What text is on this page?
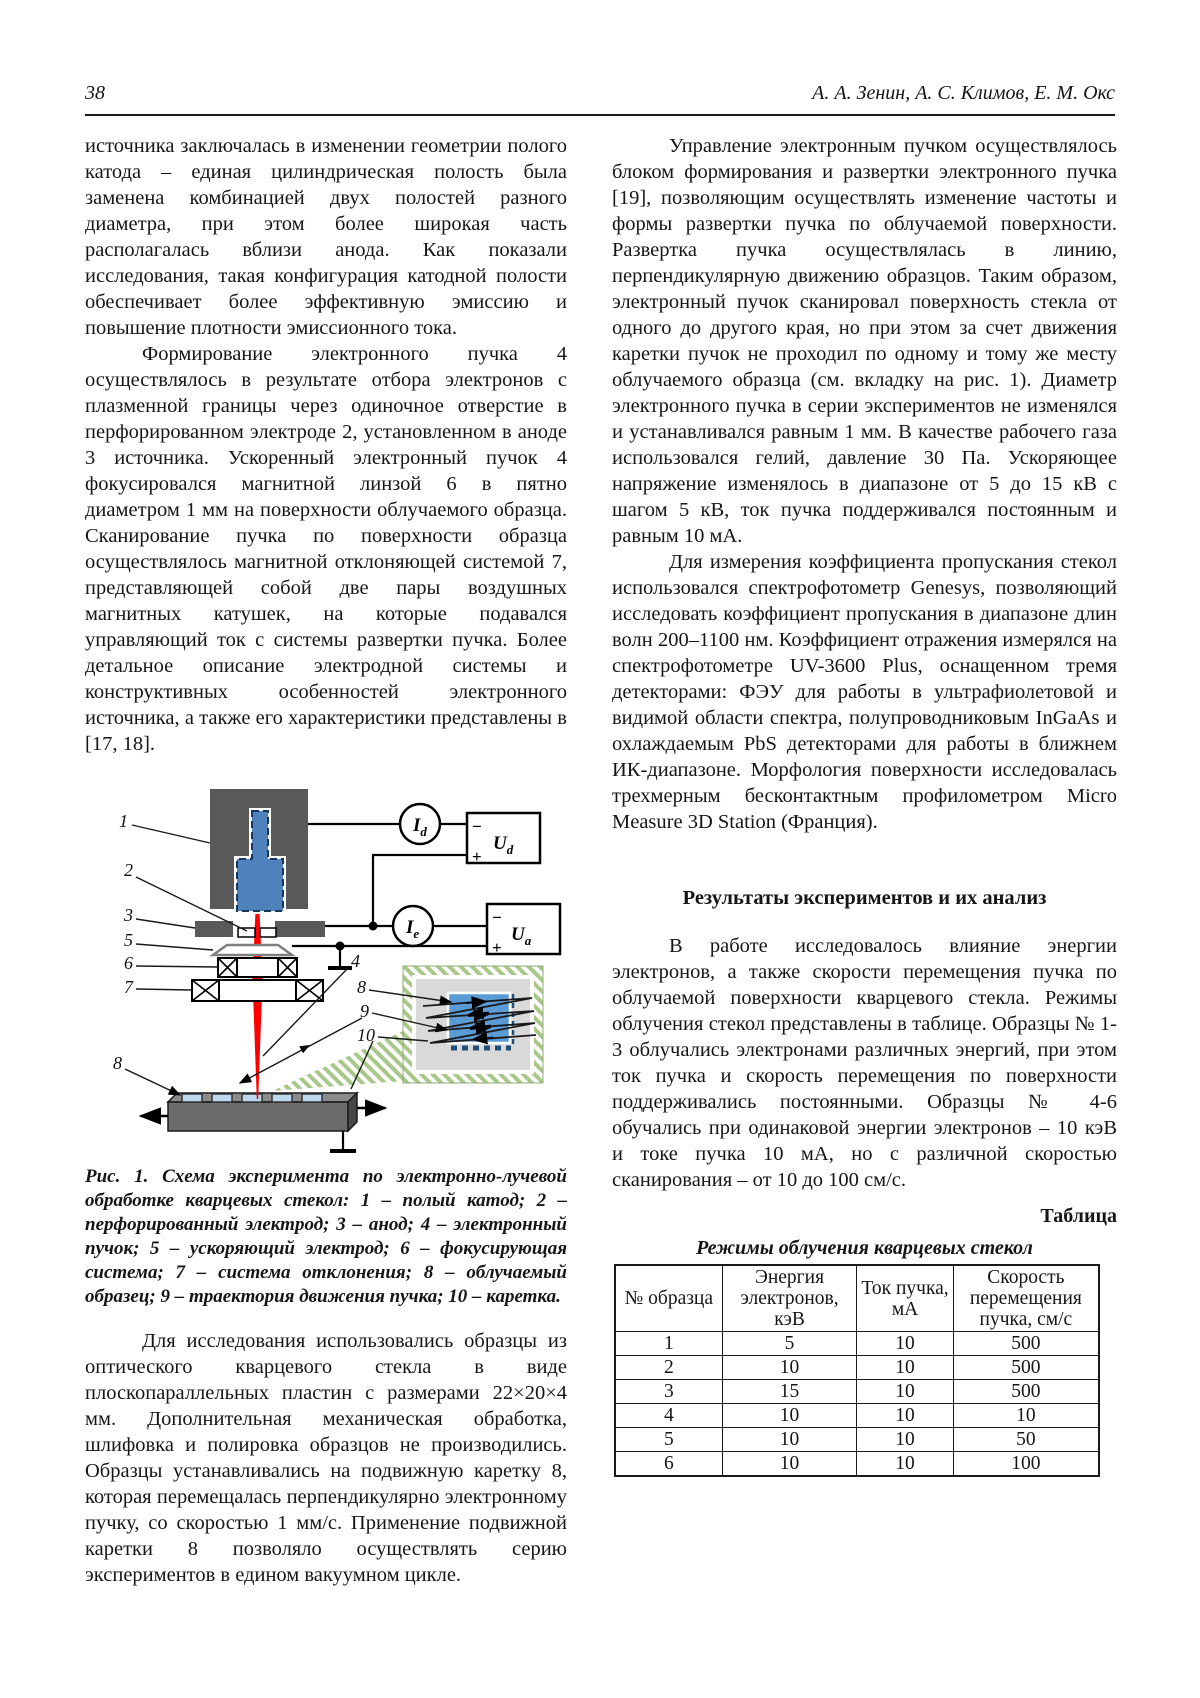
38	А. А. Зенин, А. С. Климов, Е. М. Окс

источника заключалась в изменении геометрии полого катода – единая цилиндрическая полость была заменена комбинацией двух полостей разного диаметра, при этом более широкая часть располагалась вблизи анода. Как показали исследования, такая конфигурация катодной полости обеспечивает более эффективную эмиссию и повышение плотности эмиссионного тока.

Формирование электронного пучка 4 осуществлялось в результате отбора электронов с плазменной границы через одиночное отверстие в перфорированном электроде 2, установленном в аноде 3 источника. Ускоренный электронный пучок 4 фокусировался магнитной линзой 6 в пятно диаметром 1 мм на поверхности облучаемого образца. Сканирование пучка по поверхности образца осуществлялось магнитной отклоняющей системой 7, представляющей собой две пары воздушных магнитных катушек, на которые подавался управляющий ток с системы развертки пучка. Более детальное описание электродной системы и конструктивных особенностей электронного источника, а также его характеристики представлены в [17, 18].

$I_d$	−
$U_d$
+
$I_e$
−
$U_a$
+
1
2
3
5
6
7
8
4
8
9
10

Рис. 1. Схема эксперимента по электронно-лучевой обработке кварцевых стекол: 1 – полый катод; 2 – перфорированный электрод; 3 – анод; 4 – электронный пучок; 5 – ускоряющий электрод; 6 – фокусирующая система; 7 – система отклонения; 8 – облучаемый образец; 9 – траектория движения пучка; 10 – каретка.

Для исследования использовались образцы из оптического кварцевого стекла в виде плоскопараллельных пластин с размерами 22×20×4 мм. Дополнительная механическая обработка, шлифовка и полировка образцов не производились. Образцы устанавливались на подвижную каретку 8, которая перемещалась перпендикулярно электронному пучку, со скоростью 1 мм/с. Применение подвижной каретки 8 позволяло осуществлять серию экспериментов в едином вакуумном цикле.

Управление электронным пучком осуществлялось блоком формирования и развертки электронного пучка [19], позволяющим осуществлять изменение частоты и формы развертки пучка по облучаемой поверхности. Развертка пучка осуществлялась в линию, перпендикулярную движению образцов. Таким образом, электронный пучок сканировал поверхность стекла от одного до другого края, но при этом за счет движения каретки пучок не проходил по одному и тому же месту облучаемого образца (см. вкладку на рис. 1). Диаметр электронного пучка в серии экспериментов не изменялся и устанавливался равным 1 мм. В качестве рабочего газа использовался гелий, давление 30 Па. Ускоряющее напряжение изменялось в диапазоне от 5 до 15 кВ с шагом 5 кВ, ток пучка поддерживался постоянным и равным 10 мА.

Для измерения коэффициента пропускания стекол использовался спектрофотометр Genesys, позволяющий исследовать коэффициент пропускания в диапазоне длин волн 200–1100 нм. Коэффициент отражения измерялся на спектрофотометре UV-3600 Plus, оснащенном тремя детекторами: ФЭУ для работы в ультрафиолетовой и видимой области спектра, полупроводниковым InGaAs и охлаждаемым PbS детекторами для работы в ближнем ИК-диапазоне. Морфология поверхности исследовалась трехмерным бесконтактным профилометром Micro Measure 3D Station (Франция).

Результаты экспериментов и их анализ

В работе исследовалось влияние энергии электронов, а также скорости перемещения пучка по облучаемой поверхности кварцевого стекла. Режимы облучения стекол представлены в таблице. Образцы № 1-3 облучались электронами различных энергий, при этом ток пучка и скорость перемещения по поверхности поддерживались постоянными. Образцы № 4-6 обучались при одинаковой энергии электронов – 10 кэВ и токе пучка 10 мА, но с различной скоростью сканирования – от 10 до 100 см/с.

Таблица
Режимы облучения кварцевых стекол
№ образца	Энергия электронов, кэВ	Ток пучка, мА	Скорость перемещения пучка, см/с
1	5	10	500
2	10	10	500
3	15	10	500
4	10	10	10
5	10	10	50
6	10	10	100
